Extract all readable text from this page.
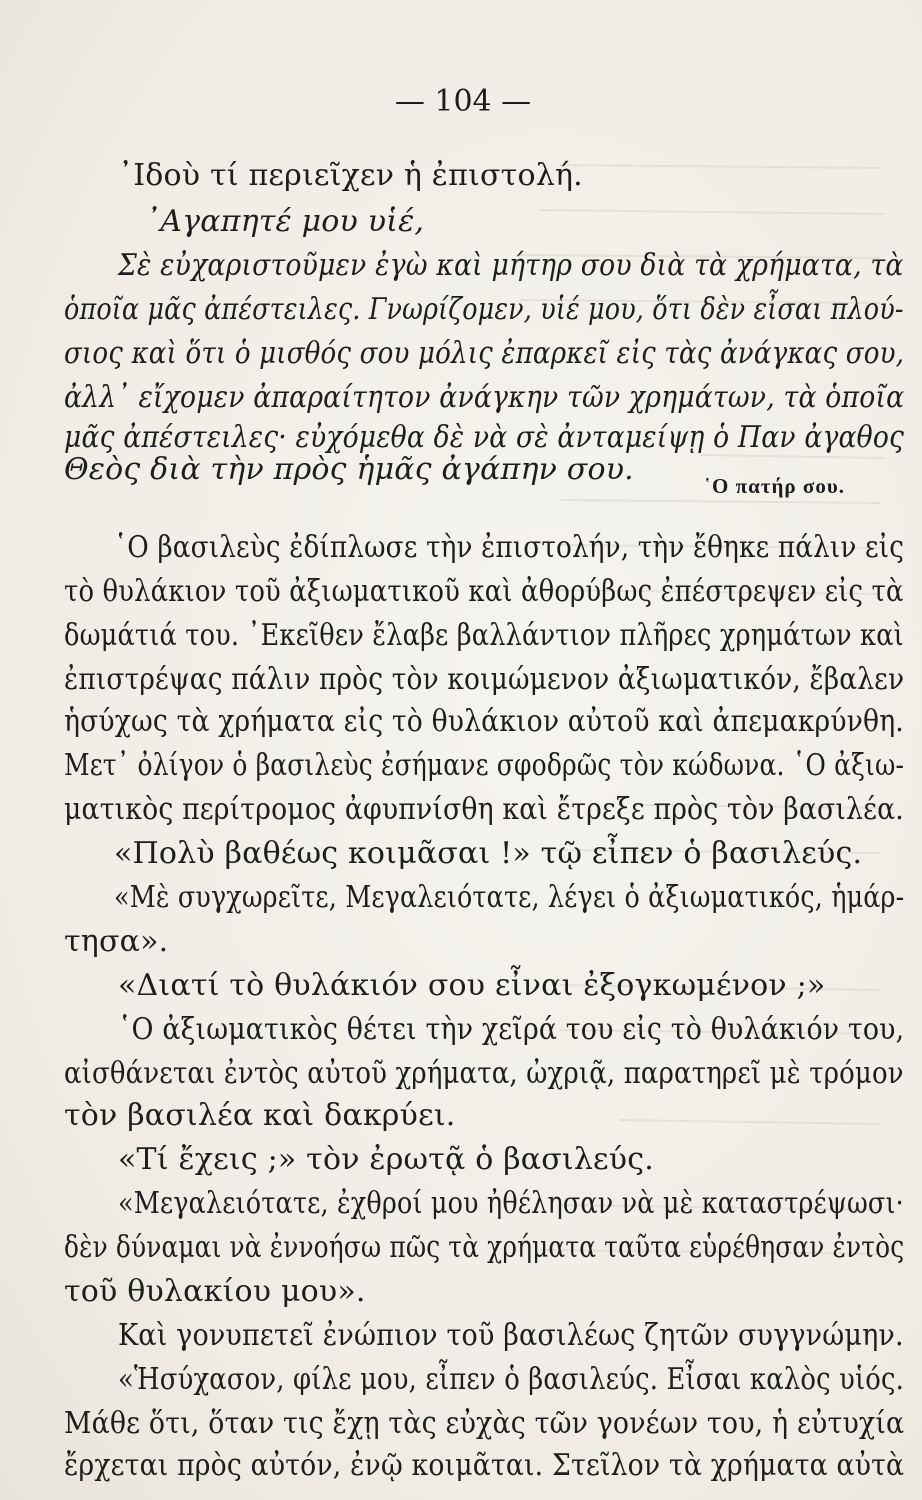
— 104 —
᾿Ιδοὺ τί περιεῖχεν ἡ ἐπιστολή.
᾿Αγαπητέ μου υἱέ,
Σὲ εὐχαριστοῦμεν ἐγὼ καὶ μήτηρ σου διὰ τὰ χρήματα, τὰ
ὁποῖα μᾶς ἀπέστειλες. Γνωρίζομεν, υἱέ μου, ὅτι δὲν εἶσαι πλού-
σιος καὶ ὅτι ὁ μισθός σου μόλις ἐπαρκεῖ εἰς τὰς ἀνάγκας σου,
ἀλλ᾿ εἴχομεν ἀπαραίτητον ἀνάγκην τῶν χρημάτων, τὰ ὁποῖα
μᾶς ἀπέστειλες· εὐχόμεθα δὲ νὰ σὲ ἀνταμείψῃ ὁ Παν ἀγαθος
Θεὸς διὰ τὴν πρὸς ἡμᾶς ἀγάπην σου.	῾Ο πατήρ σου.
῾Ο βασιλεὺς ἐδίπλωσε τὴν ἐπιστολήν, τὴν ἔθηκε πάλιν εἰς
τὸ θυλάκιον τοῦ ἀξιωματικοῦ καὶ ἀθορύβως ἐπέστρεψεν εἰς τὰ
δωμάτιά του. ᾿Εκεῖθεν ἔλαβε βαλλάντιον πλῆρες χρημάτων καὶ
ἐπιστρέψας πάλιν πρὸς τὸν κοιμώμενον ἀξιωματικόν, ἔβαλεν
ἡσύχως τὰ χρήματα εἰς τὸ θυλάκιον αὐτοῦ καὶ ἀπεμακρύνθη.
Μετ᾿ ὀλίγον ὁ βασιλεὺς ἐσήμανε σφοδρῶς τὸν κώδωνα. ῾Ο ἀξιω-
ματικὸς περίτρομος ἀφυπνίσθη καὶ ἔτρεξε πρὸς τὸν βασιλέα.
«Πολὺ βαθέως κοιμᾶσαι !» τῷ εἶπεν ὁ βασιλεύς.
«Μὲ συγχωρεῖτε, Μεγαλειότατε, λέγει ὁ ἀξιωματικός, ἡμάρ-
τησα».
«Διατί τὸ θυλάκιόν σου εἶναι ἐξογκωμένον ;»
῾Ο ἀξιωματικὸς θέτει τὴν χεῖρά του εἰς τὸ θυλάκιόν του,
αἰσθάνεται ἐντὸς αὐτοῦ χρήματα, ὠχριᾷ, παρατηρεῖ μὲ τρόμον
τὸν βασιλέα καὶ δακρύει.
«Τί ἔχεις ;» τὸν ἐρωτᾷ ὁ βασιλεύς.
«Μεγαλειότατε, ἐχθροί μου ἠθέλησαν νὰ μὲ καταστρέψωσι·
δὲν δύναμαι νὰ ἐννοήσω πῶς τὰ χρήματα ταῦτα εὑρέθησαν ἐντὸς
τοῦ θυλακίου μου».
Καὶ γονυπετεῖ ἐνώπιον τοῦ βασιλέως ζητῶν συγγνώμην.
«Ἡσύχασον, φίλε μου, εἶπεν ὁ βασιλεύς. Εἶσαι καλὸς υἱός.
Μάθε ὅτι, ὅταν τις ἔχῃ τὰς εὐχὰς τῶν γονέων του, ἡ εὐτυχία
ἔρχεται πρὸς αὐτόν, ἐνῷ κοιμᾶται. Στεῖλον τὰ χρήματα αὐτὰ
